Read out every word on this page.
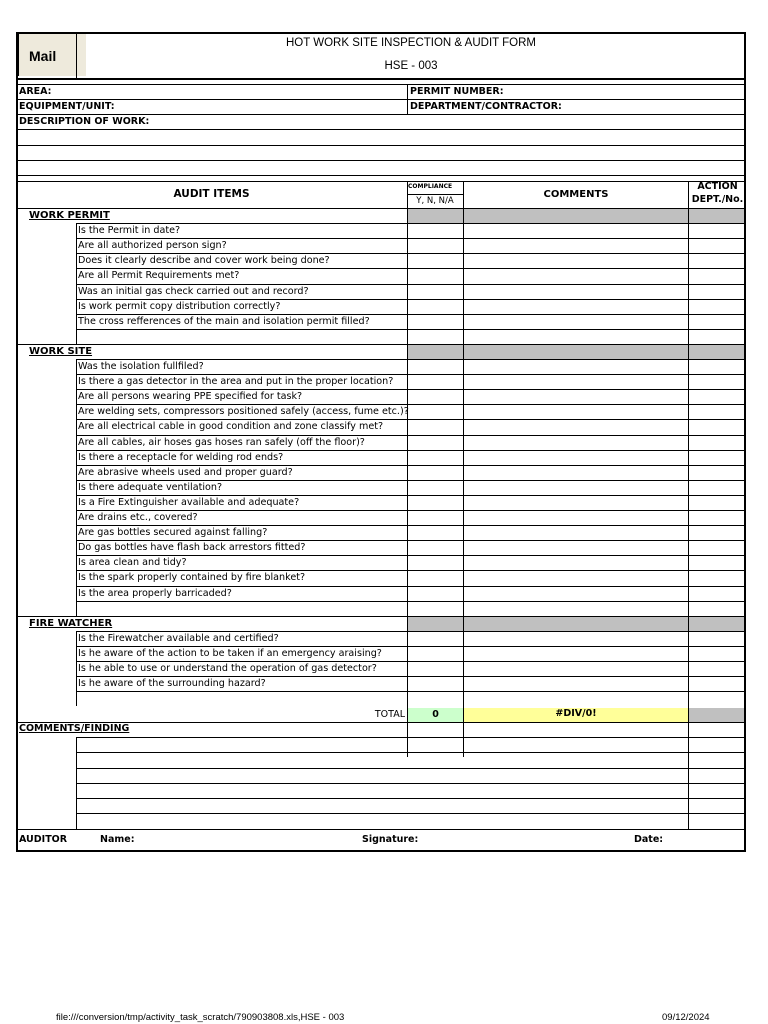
Mail
HOT WORK SITE INSPECTION & AUDIT FORM
HSE - 003
AREA:	PERMIT NUMBER:
EQUIPMENT/UNIT:	DEPARTMENT/CONTRACTOR:
DESCRIPTION OF WORK:
AUDIT ITEMS
COMPLIANCE
Y, N, N/A
COMMENTS
ACTION
DEPT./No.
WORK PERMIT
Is the Permit in date?
Are all authorized person sign?
Does it clearly describe and cover work being done?
Are all Permit Requirements met?
Was an initial gas check carried out and record?
Is work permit copy distribution correctly?
The cross refferences of the main and isolation permit filled?
WORK SITE
Was the isolation fullfiled?
Is there a gas detector in the area and put in the proper location?
Are all persons wearing PPE specified for task?
Are welding sets, compressors positioned safely (access, fume etc.)?
Are all electrical cable in good condition and zone classify met?
Are all cables, air hoses gas hoses ran safely (off the floor)?
Is there a receptacle for welding rod ends?
Are abrasive wheels used and proper guard?
Is there adequate ventilation?
Is a Fire Extinguisher available and adequate?
Are drains etc., covered?
Are gas bottles secured against falling?
Do gas bottles have flash back arrestors fitted?
Is area clean and tidy?
Is the spark properly contained by fire blanket?
Is the area properly barricaded?
FIRE WATCHER
Is the Firewatcher available and certified?
Is he aware of the action to be taken if an emergency araising?
Is he able to use or understand the operation of gas detector?
Is he aware of the surrounding hazard?
TOTAL	0	#DIV/0!
COMMENTS/FINDING
AUDITOR	Name:	Signature:	Date:
file:///conversion/tmp/activity_task_scratch/790903808.xls,HSE - 003	09/12/2024
